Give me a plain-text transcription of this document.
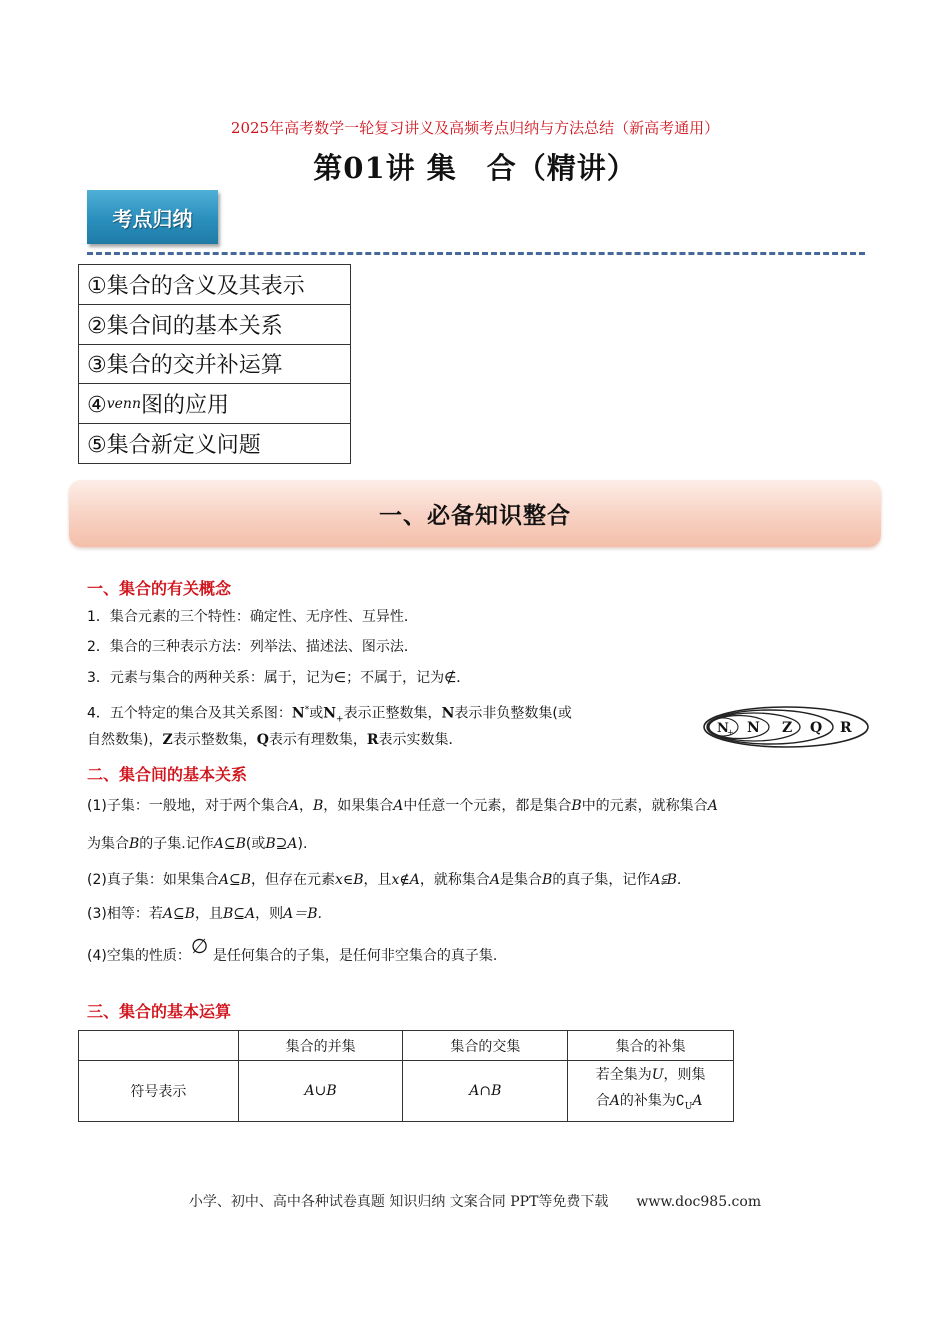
2025年高考数学一轮复习讲义及高频考点归纳与方法总结（新高考通用）
第01讲 集　合（精讲）
考点归纳
①集合的含义及其表示
②集合间的基本关系
③集合的交并补运算
④venn图的应用
⑤集合新定义问题
一、必备知识整合
一、集合的有关概念
1．集合元素的三个特性：确定性、无序性、互异性．
2．集合的三种表示方法：列举法、描述法、图示法．
3．元素与集合的两种关系：属于，记为∈；不属于，记为∉．
4．五个特定的集合及其关系图：N*或$N_+$表示正整数集，N表示非负整数集(或
自然数集)，Z表示整数集，Q表示有理数集，R表示实数集．
N
+ N Z Q R
二、集合间的基本关系
(1)子集：一般地，对于两个集合A，B，如果集合A中任意一个元素，都是集合B中的元素，就称集合A
为集合B的子集.记作A⊆B(或B⊇A).
(2)真子集：如果集合A⊆B，但存在元素x∈B，且x∉A，就称集合A是集合B的真子集，记作A⫋B.
(3)相等：若A⊆B，且B⊆A，则A＝B.
(4)空集的性质： ∅ 是任何集合的子集，是任何非空集合的真子集.
三、集合的基本运算
	集合的并集	集合的交集	集合的补集
符号表示	A∪B	A∩B	若全集为U，则集
合A的补集为$∁_UA$
小学、初中、高中各种试卷真题 知识归纳 文案合同 PPT等免费下载　　www.doc985.com
